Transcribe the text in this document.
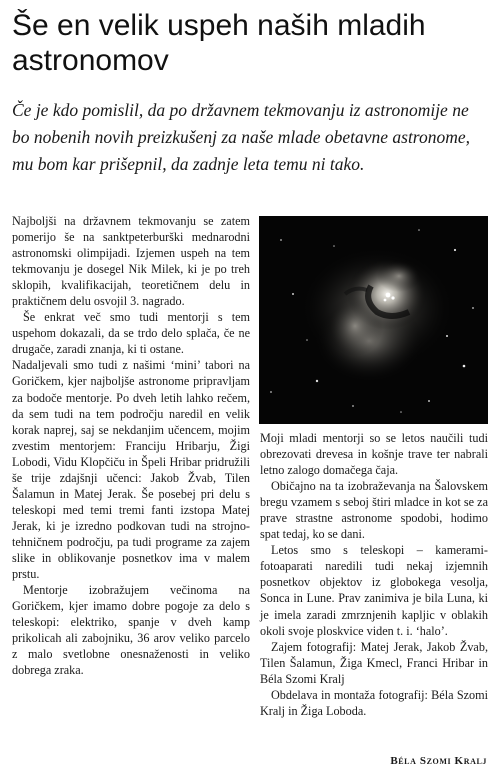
Še en velik uspeh naših mladih astronomov

Če je kdo pomislil, da po državnem tekmovanju iz astronomije ne bo nobenih novih preizkušenj za naše mlade obetavne astronome, mu bom kar prišepnil, da zadnje leta temu ni tako.

Najboljši na državnem tekmovanju se zatem pomerijo še na sanktpeterburški mednarodni astronomski olimpijadi. Izjemen uspeh na tem tekmovanju je dosegel Nik Milek, ki je po treh sklopih, kvalifikacijah, teoretičnem delu in praktičnem delu osvojil 3. nagrado.

Še enkrat več smo tudi mentorji s tem uspehom dokazali, da se trdo delo splača, če ne drugače, zaradi znanja, ki ti ostane.

Nadaljevali smo tudi z našimi ‘mini’ tabori na Goričkem, kjer najboljše astronome pripravljam za bodoče mentorje. Po dveh letih lahko rečem, da sem tudi na tem področju naredil en velik korak naprej, saj se nekdanjim učencem, mojim zvestim mentorjem: Franciju Hribarju, Žigi Lobodi, Vidu Klopčiču in Špeli Hribar pridružili še trije zdajšnji učenci: Jakob Žvab, Tilen Šalamun in Matej Jerak. Še posebej pri delu s teleskopi med temi tremi fanti izstopa Matej Jerak, ki je izredno podkovan tudi na strojno-tehničnem področju, pa tudi programe za zajem slike in oblikovanje posnetkov ima v malem prstu.

Mentorje izobražujem večinoma na Goričkem, kjer imamo dobre pogoje za delo s teleskopi: elektriko, spanje v dveh kamp prikolicah ali zabojniku, 36 arov veliko parcelo z malo svetlobne onesnaženosti in veliko dobrega zraka.

Moji mladi mentorji so se letos naučili tudi obrezovati drevesa in košnje trave ter nabrali letno zalogo domačega čaja.

Običajno na ta izobraževanja na Šalovskem bregu vzamem s seboj štiri mladce in kot se za prave strastne astronome spodobi, hodimo spat tedaj, ko se dani.

Letos smo s teleskopi – kamerami-fotoaparati naredili tudi nekaj izjemnih posnetkov objektov iz globokega vesolja, Sonca in Lune. Prav zanimiva je bila Luna, ki je imela zaradi zmrznjenih kapljic v oblakih okoli svoje ploskvice viden t. i. ‘halo’.

Zajem fotografij: Matej Jerak, Jakob Žvab, Tilen Šalamun, Žiga Kmecl, Franci Hribar in Béla Szomi Kralj

Obdelava in montaža fotografij: Béla Szomi Kralj in Žiga Loboda.

Béla Szomi Kralj
